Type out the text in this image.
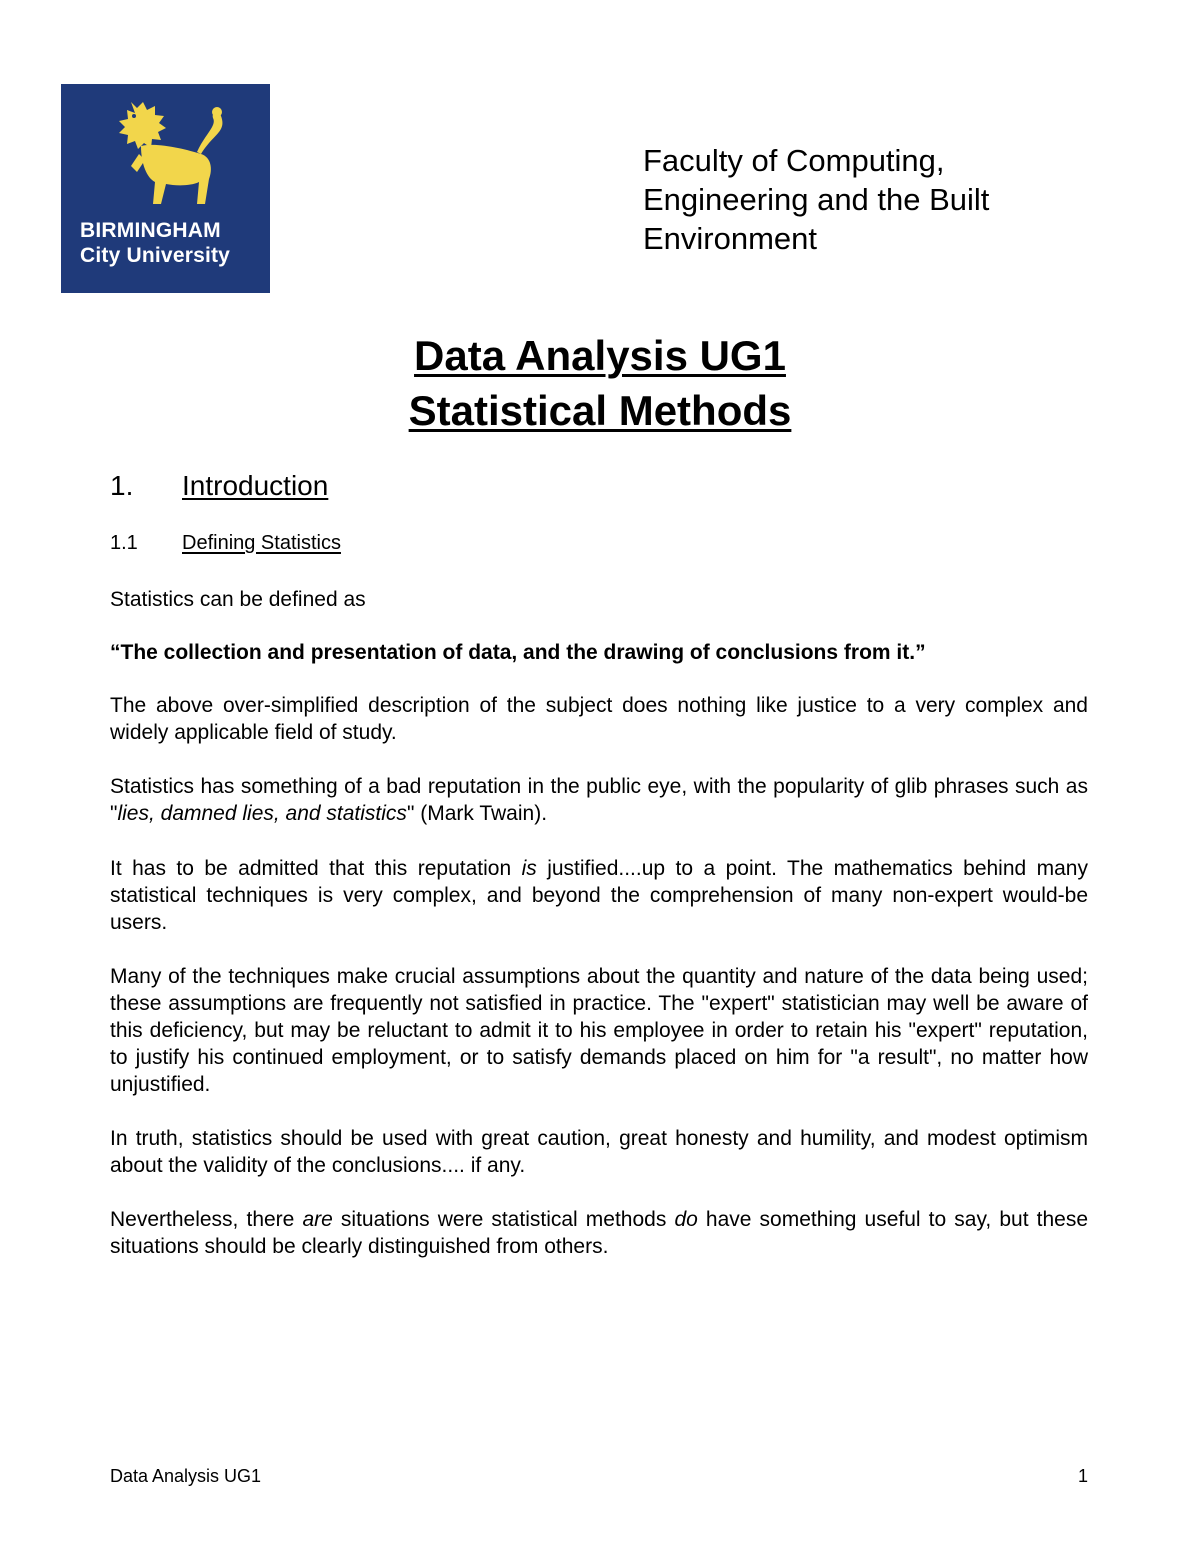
BIRMINGHAM
City University
Faculty of Computing,
Engineering and the Built
Environment
Data Analysis UG1
Statistical Methods
1. Introduction
1.1 Defining Statistics
Statistics can be defined as
“The collection and presentation of data, and the drawing of conclusions from it.”
The above over-simplified description of the subject does nothing like justice to a very complex and widely applicable field of study.
Statistics has something of a bad reputation in the public eye, with the popularity of glib phrases such as "lies, damned lies, and statistics" (Mark Twain).
It has to be admitted that this reputation is justified....up to a point. The mathematics behind many statistical techniques is very complex, and beyond the comprehension of many non-expert would-be users.
Many of the techniques make crucial assumptions about the quantity and nature of the data being used; these assumptions are frequently not satisfied in practice. The "expert" statistician may well be aware of this deficiency, but may be reluctant to admit it to his employee in order to retain his "expert" reputation, to justify his continued employment, or to satisfy demands placed on him for "a result", no matter how unjustified.
In truth, statistics should be used with great caution, great honesty and humility, and modest optimism about the validity of the conclusions.... if any.
Nevertheless, there are situations were statistical methods do have something useful to say, but these situations should be clearly distinguished from others.
Data Analysis UG1	1
